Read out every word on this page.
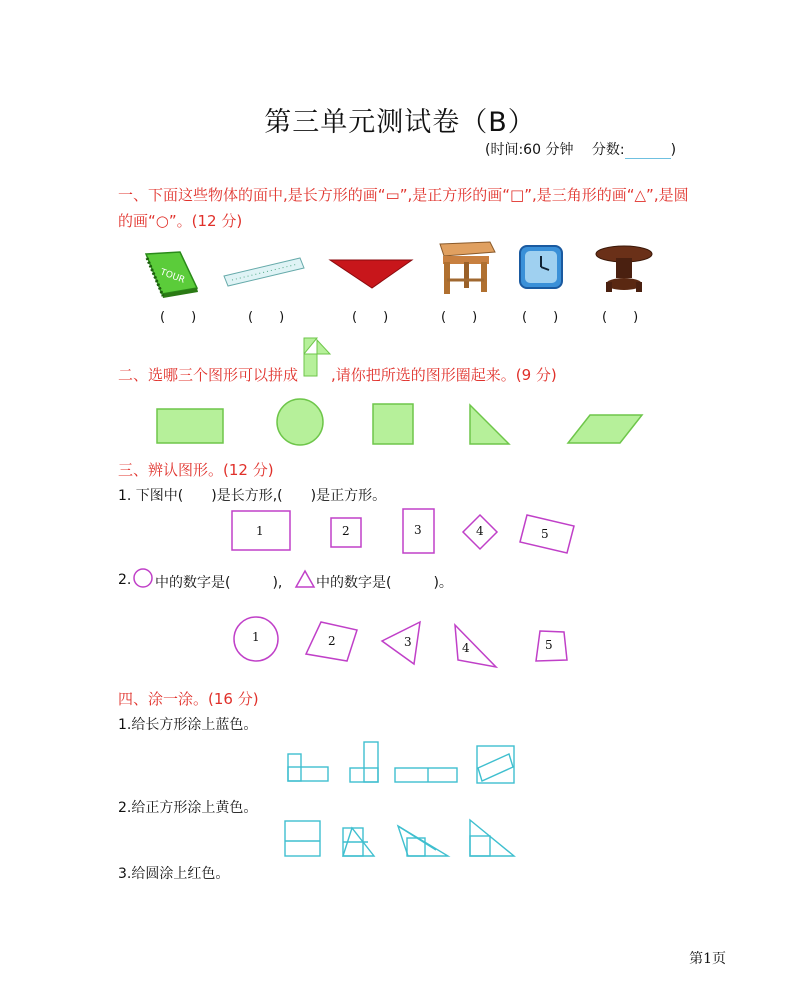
第三单元测试卷（B）
(时间:60 分钟　 分数:	)
一、下面这些物体的面中,是长方形的画“▭”,是正方形的画“□”,是三角形的画“△”,是圆
的画“○”。(12 分)
TOUR
(　　)	(　　)	(　　)	(　　)	(　　)	(　　)
二、选哪三个图形可以拼成 ,请你把所选的图形圈起来。(9 分)
三、辨认图形。(12 分)
1. 下图中(　　)是长方形,(　　)是正方形。
1	2	3	4	5
2. 中的数字是(　　　), 中的数字是(　　　)。
1	2	3	4	5
四、涂一涂。(16 分)
1.给长方形涂上蓝色。
2.给正方形涂上黄色。
3.给圆涂上红色。
第1页
